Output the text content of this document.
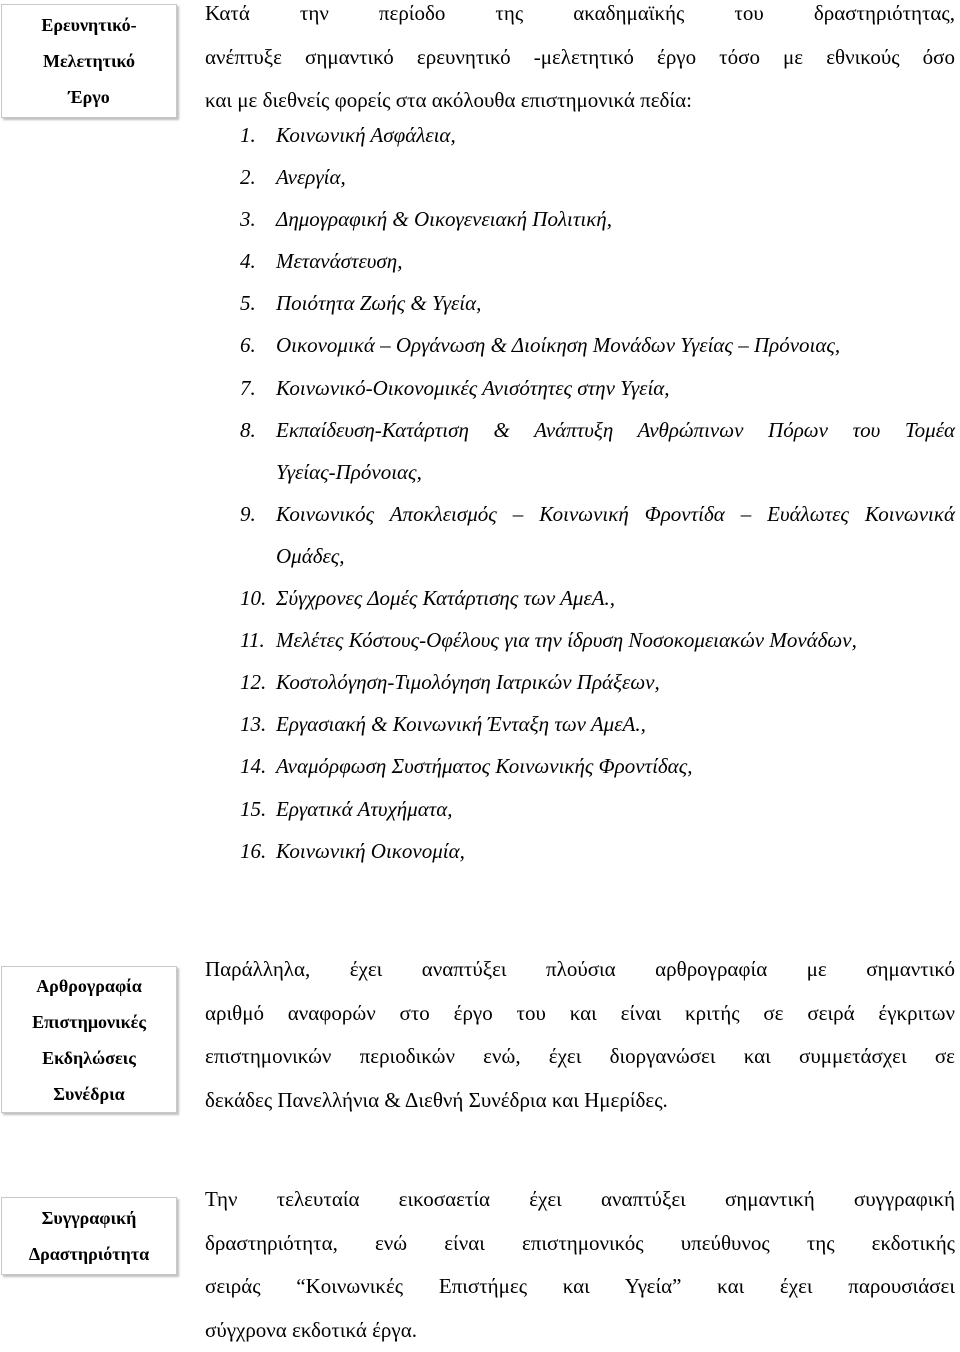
Ερευνητικό-
Μελετητικό
Έργο
Κατά την περίοδο της ακαδημαϊκής του δραστηριότητας,
ανέπτυξε σημαντικό ερευνητικό -μελετητικό έργο τόσο με εθνικούς όσο
και με διεθνείς φορείς στα ακόλουθα επιστημονικά πεδία:
1. Κοινωνική Ασφάλεια,
2. Ανεργία,
3. Δημογραφική & Οικογενειακή Πολιτική,
4. Μετανάστευση,
5. Ποιότητα Ζωής & Υγεία,
6. Οικονομικά – Οργάνωση & Διοίκηση Μονάδων Υγείας – Πρόνοιας,
7. Κοινωνικό-Οικονομικές Ανισότητες στην Υγεία,
8. Εκπαίδευση-Κατάρτιση & Ανάπτυξη Ανθρώπινων Πόρων του Τομέα
Υγείας-Πρόνοιας,
9. Κοινωνικός Αποκλεισμός – Κοινωνική Φροντίδα – Ευάλωτες Κοινωνικά
Ομάδες,
10. Σύγχρονες Δομές Κατάρτισης των ΑμεΑ.,
11. Μελέτες Κόστους-Οφέλους για την ίδρυση Νοσοκομειακών Μονάδων,
12. Κοστολόγηση-Τιμολόγηση Ιατρικών Πράξεων,
13. Εργασιακή & Κοινωνική Ένταξη των ΑμεΑ.,
14. Αναμόρφωση Συστήματος Κοινωνικής Φροντίδας,
15. Εργατικά Ατυχήματα,
16. Κοινωνική Οικονομία,
Αρθρογραφία
Επιστημονικές
Εκδηλώσεις
Συνέδρια
Παράλληλα, έχει αναπτύξει πλούσια αρθρογραφία με σημαντικό
αριθμό αναφορών στο έργο του και είναι κριτής σε σειρά έγκριτων
επιστημονικών περιοδικών ενώ, έχει διοργανώσει και συμμετάσχει σε
δεκάδες Πανελλήνια & Διεθνή Συνέδρια και Ημερίδες.
Συγγραφική
Δραστηριότητα
Την τελευταία εικοσαετία έχει αναπτύξει σημαντική συγγραφική
δραστηριότητα, ενώ είναι επιστημονικός υπεύθυνος της εκδοτικής
σειράς “Κοινωνικές Επιστήμες και Υγεία” και έχει παρουσιάσει
σύγχρονα εκδοτικά έργα.
